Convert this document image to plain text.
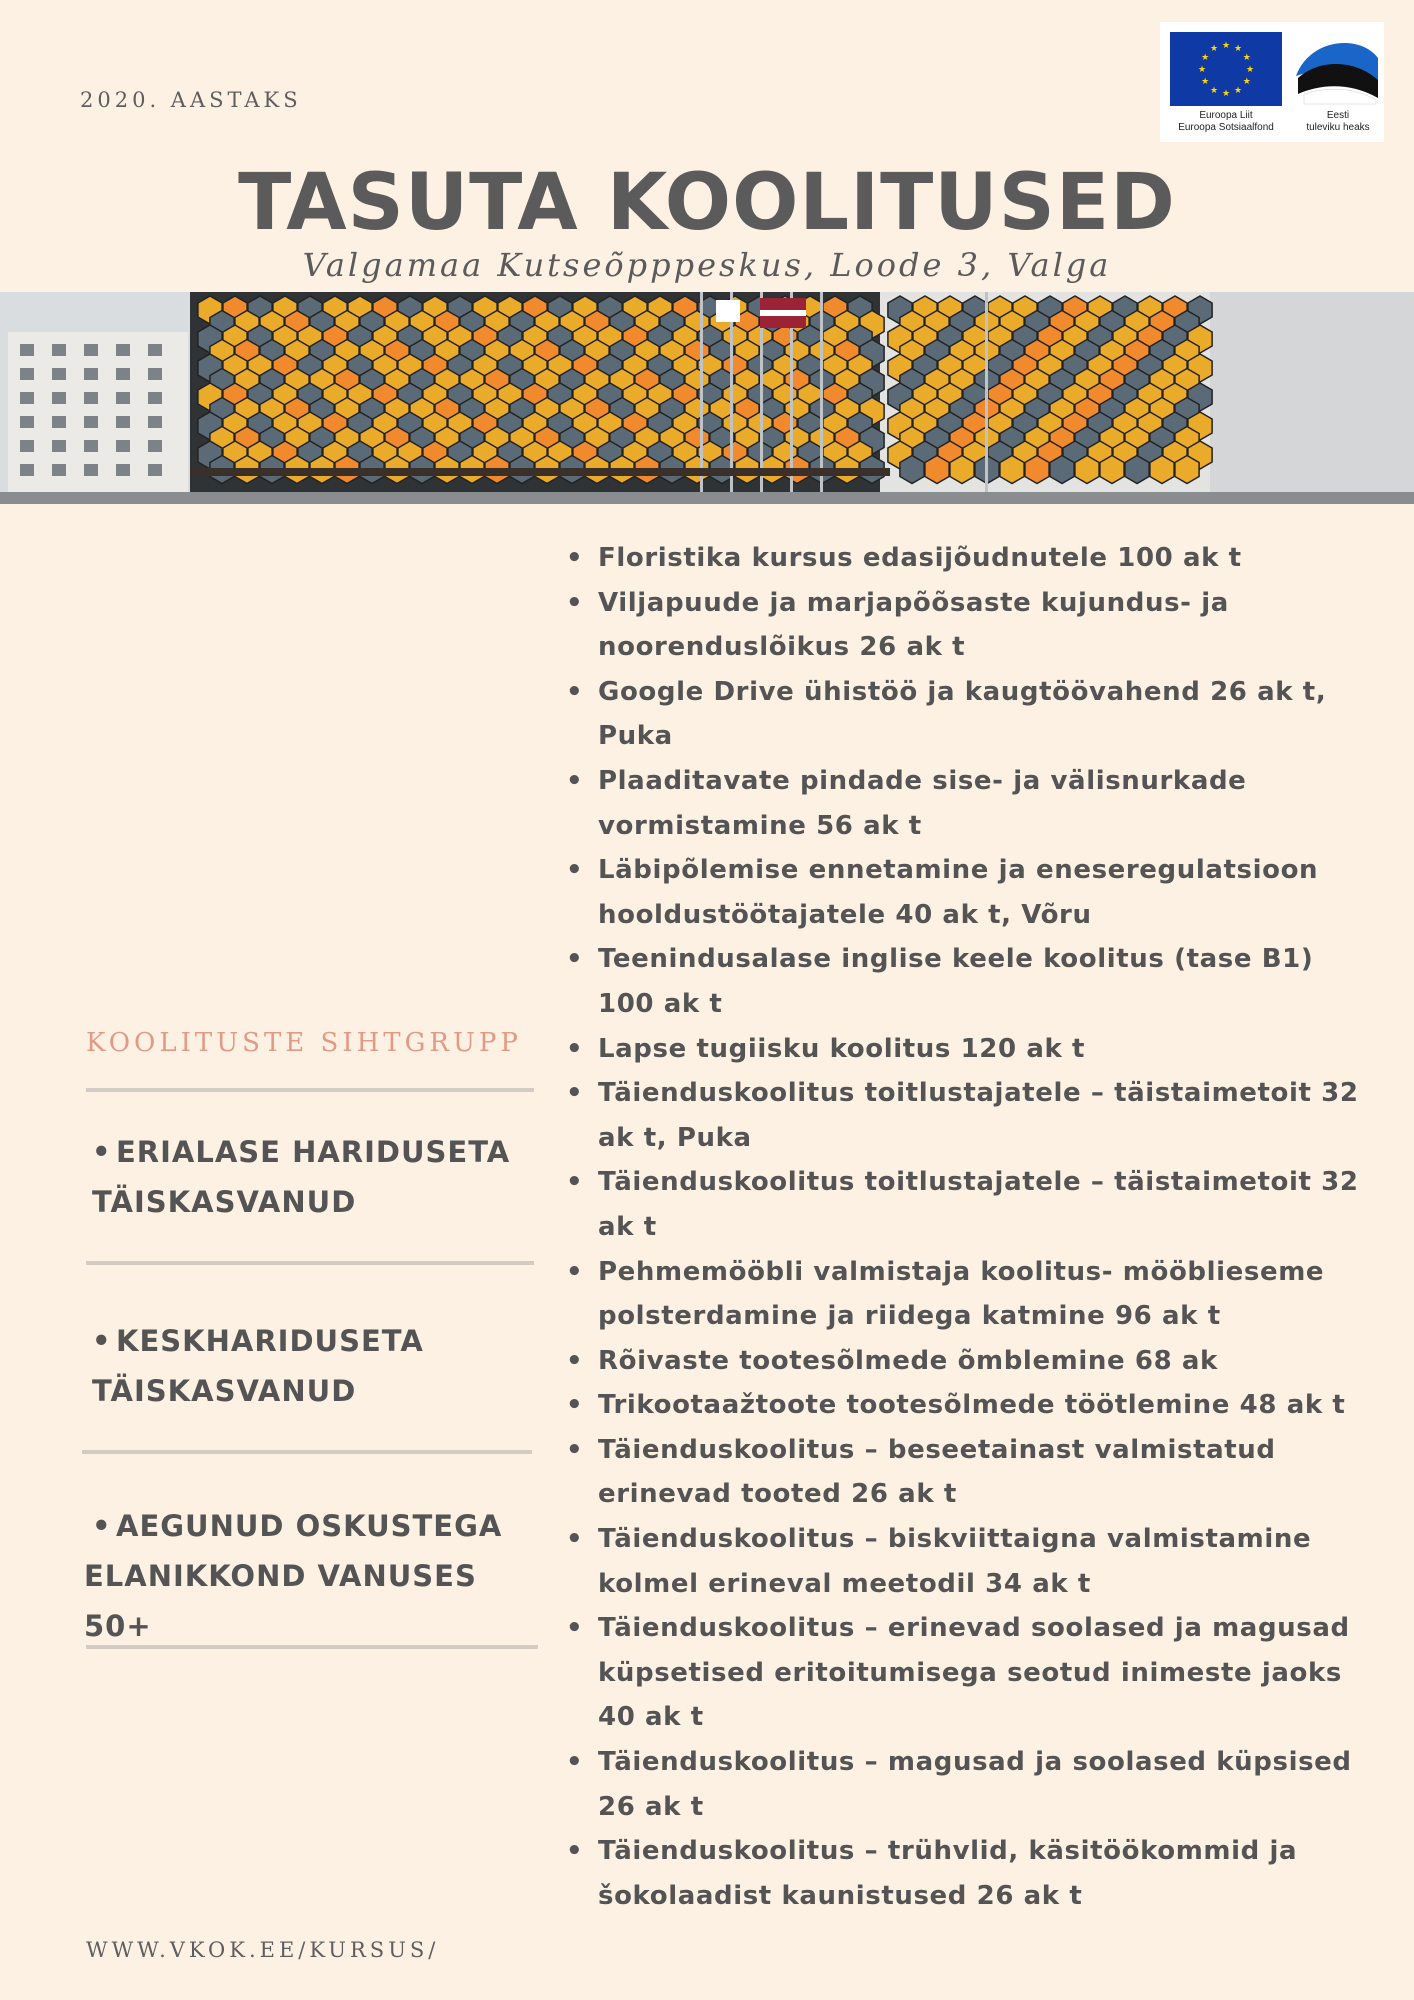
2020. AASTAKS
★ ★
★
★
★
★
★
★
★
★
★
★
Euroopa Liit
Euroopa Sotsiaalfond
Eesti
tuleviku heaks
TASUTA KOOLITUSED
Valgamaa Kutseõpppeskus, Loode 3, Valga
KOOLITUSTE SIHTGRUPP
• ERIALASE HARIDUSETA
TÄISKASVANUD
• KESKHARIDUSETA
TÄISKASVANUD
• AEGUNUD OSKUSTEGA
ELANIKKOND VANUSES
50+
• Floristika kursus edasijõudnutele 100 ak t
• Viljapuude ja marjapõõsaste kujundus- ja
noorenduslõikus 26 ak t
• Google Drive ühistöö ja kaugtöövahend 26 ak t,
Puka
• Plaaditavate pindade sise- ja välisnurkade
vormistamine 56 ak t
• Läbipõlemise ennetamine ja eneseregulatsioon
hooldustöötajatele 40 ak t, Võru
• Teenindusalase inglise keele koolitus (tase B1)
100 ak t
• Lapse tugiisku koolitus 120 ak t
• Täienduskoolitus toitlustajatele – täistaimetoit 32
ak t, Puka
• Täienduskoolitus toitlustajatele – täistaimetoit 32
ak t
• Pehmemööbli valmistaja koolitus- mööblieseme
polsterdamine ja riidega katmine 96 ak t
• Rõivaste tootesõlmede õmblemine 68 ak
• Trikootaažtoote tootesõlmede töötlemine 48 ak t
• Täienduskoolitus – beseetainast valmistatud
erinevad tooted 26 ak t
• Täienduskoolitus – biskviittaigna valmistamine
kolmel erineval meetodil 34 ak t
• Täienduskoolitus – erinevad soolased ja magusad
küpsetised eritoitumisega seotud inimeste jaoks
40 ak t
• Täienduskoolitus – magusad ja soolased küpsised
26 ak t
• Täienduskoolitus – trühvlid, käsitöökommid ja
šokolaadist kaunistused 26 ak t
WWW.VKOK.EE/KURSUS/
